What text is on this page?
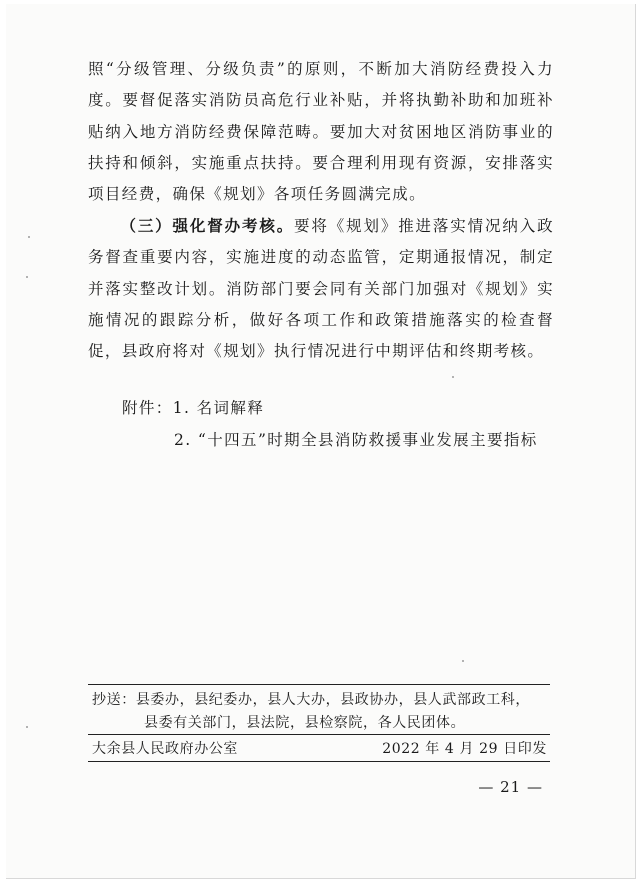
照“分级管理、分级负责”的原则，不断加大消防经费投入力度。要督促落实消防员高危行业补贴，并将执勤补助和加班补贴纳入地方消防经费保障范畴。要加大对贫困地区消防事业的扶持和倾斜，实施重点扶持。要合理利用现有资源，安排落实项目经费，确保《规划》各项任务圆满完成。

（三）强化督办考核。要将《规划》推进落实情况纳入政务督查重要内容，实施进度的动态监管，定期通报情况，制定并落实整改计划。消防部门要会同有关部门加强对《规划》实施情况的跟踪分析，做好各项工作和政策措施落实的检查督促，县政府将对《规划》执行情况进行中期评估和终期考核。

附件：1. 名词解释
2. “十四五”时期全县消防救援事业发展主要指标
抄送：县委办，县纪委办，县人大办，县政协办，县人武部政工科，
县委有关部门，县法院，县检察院，各人民团体。
大余县人民政府办公室	2022 年 4 月 29 日印发
— 21 —
